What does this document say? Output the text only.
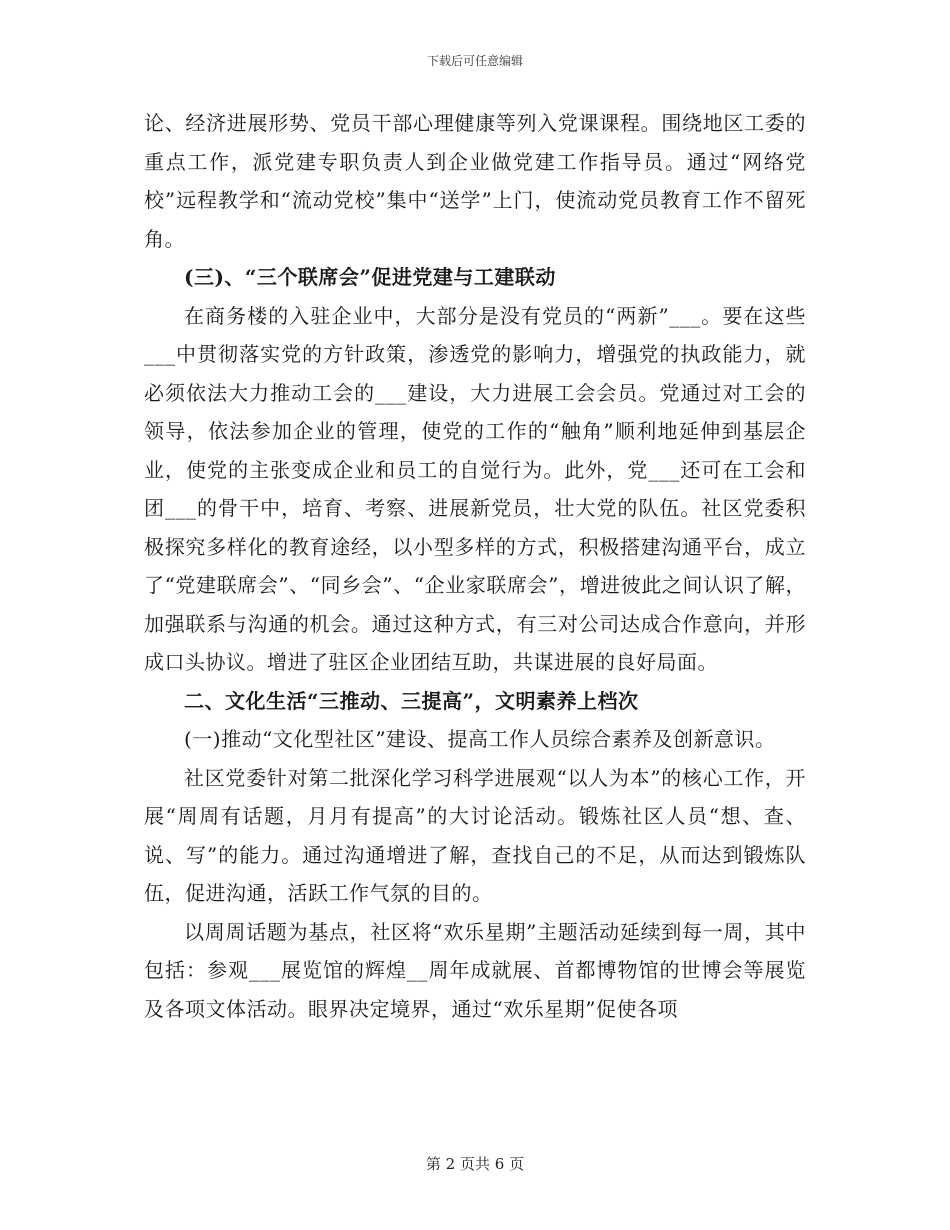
下载后可任意编辑

论、经济进展形势、党员干部心理健康等列入党课课程。围绕地区工委的重点工作，派党建专职负责人到企业做党建工作指导员。通过“网络党校”远程教学和“流动党校”集中“送学”上门，使流动党员教育工作不留死角。

(三)、“三个联席会”促进党建与工建联动

在商务楼的入驻企业中，大部分是没有党员的“两新”___。要在这些___中贯彻落实党的方针政策，渗透党的影响力，增强党的执政能力，就必须依法大力推动工会的___建设，大力进展工会会员。党通过对工会的领导，依法参加企业的管理，使党的工作的“触角”顺利地延伸到基层企业，使党的主张变成企业和员工的自觉行为。此外，党___还可在工会和团___的骨干中，培育、考察、进展新党员，壮大党的队伍。社区党委积极探究多样化的教育途经，以小型多样的方式，积极搭建沟通平台，成立了“党建联席会”、“同乡会”、“企业家联席会”，增进彼此之间认识了解，加强联系与沟通的机会。通过这种方式，有三对公司达成合作意向，并形成口头协议。增进了驻区企业团结互助，共谋进展的良好局面。

二、文化生活“三推动、三提高”，文明素养上档次

(一)推动“文化型社区”建设、提高工作人员综合素养及创新意识。

社区党委针对第二批深化学习科学进展观“以人为本”的核心工作，开展“周周有话题，月月有提高”的大讨论活动。锻炼社区人员“想、查、说、写”的能力。通过沟通增进了解，查找自己的不足，从而达到锻炼队伍，促进沟通，活跃工作气氛的目的。

以周周话题为基点，社区将“欢乐星期”主题活动延续到每一周，其中包括：参观___展览馆的辉煌__周年成就展、首都博物馆的世博会等展览及各项文体活动。眼界决定境界，通过“欢乐星期”促使各项

第 2 页共 6 页
